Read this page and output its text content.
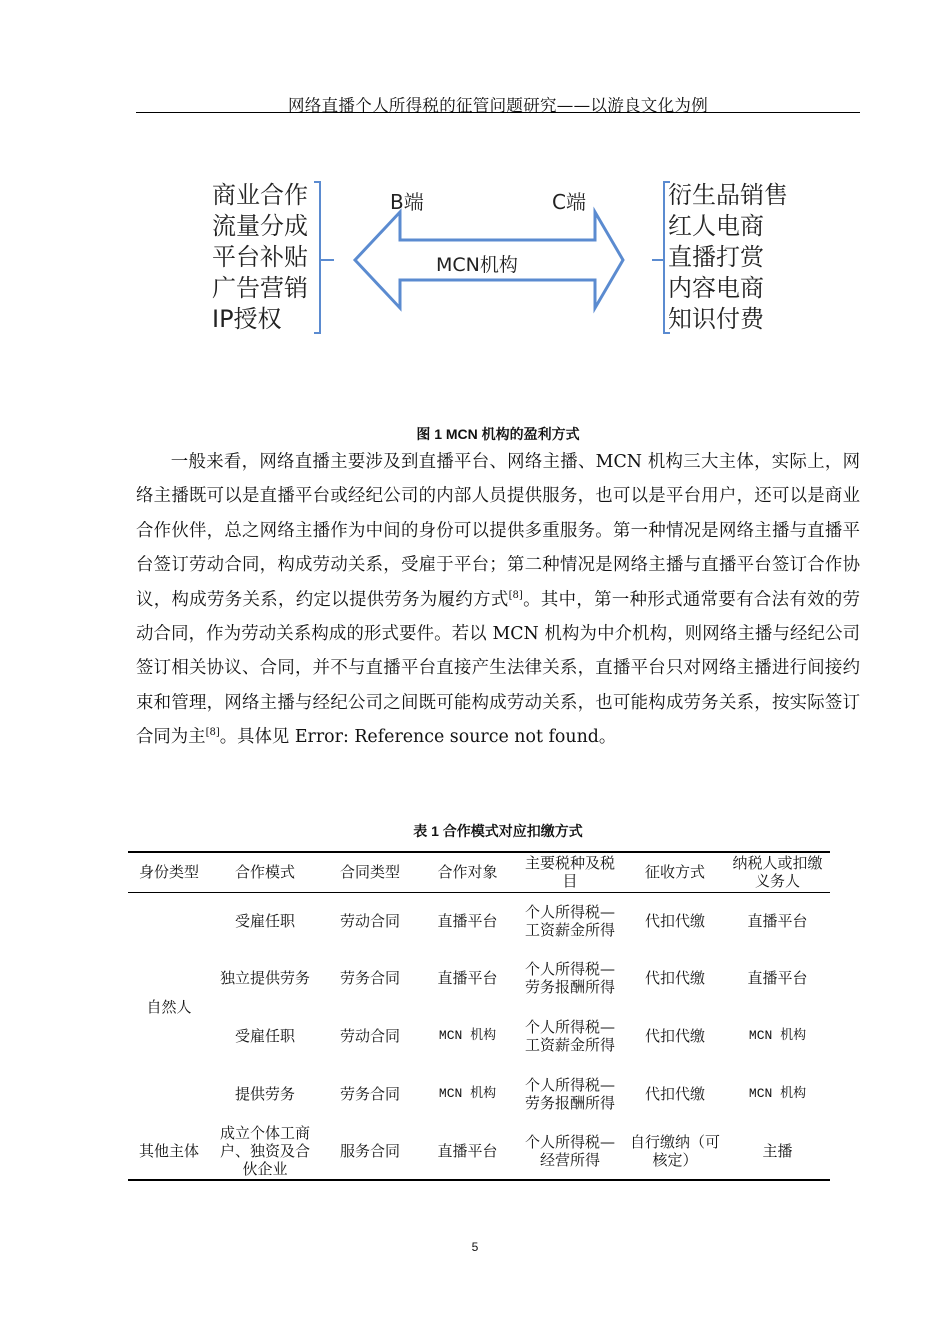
网络直播个人所得税的征管问题研究——以游良文化为例
商业合作
流量分成
平台补贴
广告营销
IP授权
衍生品销售
红人电商
直播打赏
内容电商
知识付费
B端	C端
MCN机构
图 1 MCN 机构的盈利方式
一般来看，网络直播主要涉及到直播平台、网络主播、MCN 机构三大主体，实际上，网络主播既可以是直播平台或经纪公司的内部人员提供服务，也可以是平台用户，还可以是商业合作伙伴，总之网络主播作为中间的身份可以提供多重服务。第一种情况是网络主播与直播平台签订劳动合同，构成劳动关系，受雇于平台；第二种情况是网络主播与直播平台签订合作协议，构成劳务关系，约定以提供劳务为履约方式[8]。其中，第一种形式通常要有合法有效的劳动合同，作为劳动关系构成的形式要件。若以 MCN 机构为中介机构，则网络主播与经纪公司签订相关协议、合同，并不与直播平台直接产生法律关系，直播平台只对网络主播进行间接约束和管理，网络主播与经纪公司之间既可能构成劳动关系，也可能构成劳务关系，按实际签订合同为主[8]。具体见 Error: Reference source not found。
表 1 合作模式对应扣缴方式
身份类型	合作模式	合同类型	合作对象	主要税种及税目	征收方式	纳税人或扣缴义务人
自然人	受雇任职	劳动合同	直播平台	个人所得税—工资薪金所得	代扣代缴	直播平台
	独立提供劳务	劳务合同	直播平台	个人所得税—劳务报酬所得	代扣代缴	直播平台
	受雇任职	劳动合同	MCN 机构	个人所得税—工资薪金所得	代扣代缴	MCN 机构
	提供劳务	劳务合同	MCN 机构	个人所得税—劳务报酬所得	代扣代缴	MCN 机构
其他主体	成立个体工商户、独资及合伙企业	服务合同	直播平台	个人所得税—经营所得	自行缴纳（可核定）	主播
5
